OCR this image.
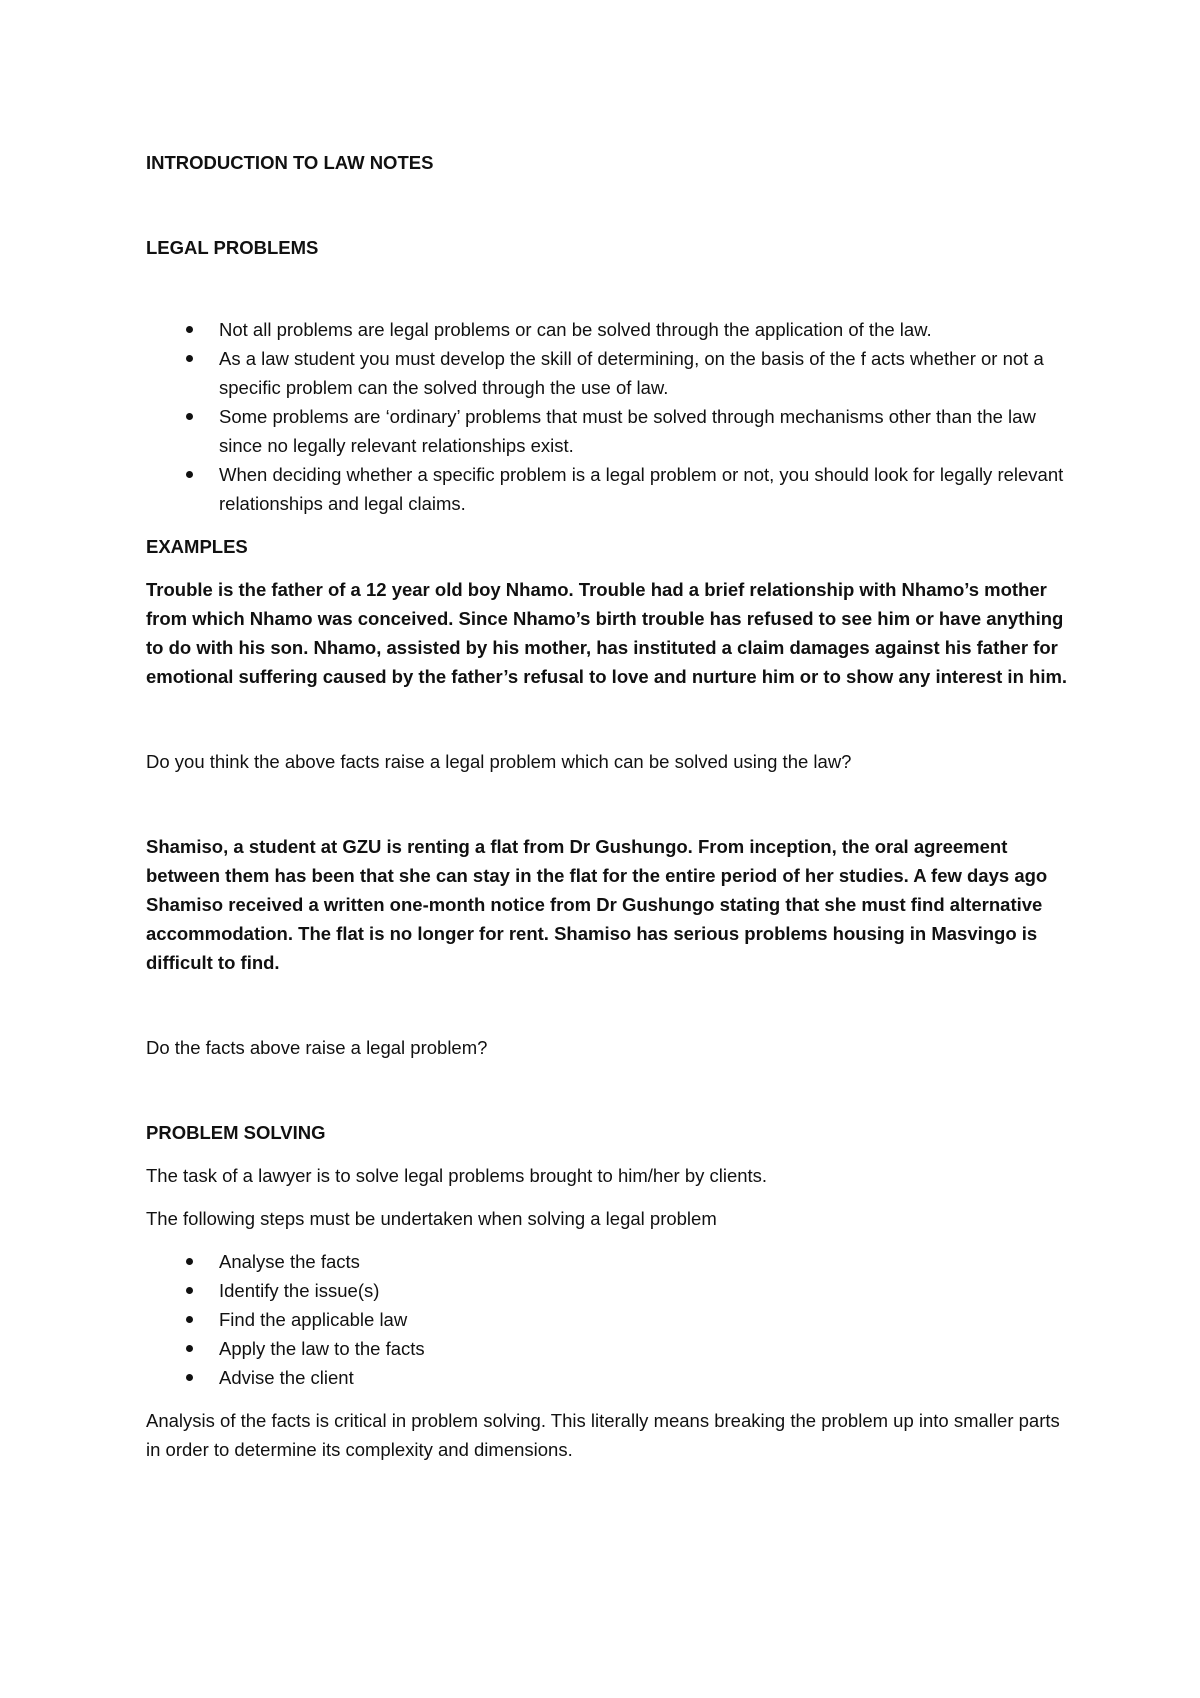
INTRODUCTION TO LAW NOTES

LEGAL PROBLEMS

Not all problems are legal problems or can be solved through the application of the law.
As a law student you must develop the skill of determining, on the basis of the f acts whether or not a specific problem can the solved through the use of law.
Some problems are ‘ordinary’ problems that must be solved through mechanisms other than the law since no legally relevant relationships exist.
When deciding whether a specific problem is a legal problem or not, you should look for legally relevant relationships and legal claims.

EXAMPLES

Trouble is the father of a 12 year old boy Nhamo. Trouble had a brief relationship with Nhamo’s mother from which Nhamo was conceived. Since Nhamo’s birth trouble has refused to see him or have anything to do with his son. Nhamo, assisted by his mother, has instituted a claim damages against his father for emotional suffering caused by the father’s refusal to love and nurture him or to show any interest in him.

Do you think the above facts raise a legal problem which can be solved using the law?

Shamiso, a student at GZU is renting a flat from Dr Gushungo. From inception, the oral agreement between them has been that she can stay in the flat for the entire period of her studies. A few days ago Shamiso received a written one-month notice from Dr Gushungo stating that she must find alternative accommodation. The flat is no longer for rent. Shamiso has serious problems housing in Masvingo is difficult to find.

Do the facts above raise a legal problem?

PROBLEM SOLVING

The task of a lawyer is to solve legal problems brought to him/her by clients.

The following steps must be undertaken when solving a legal problem

Analyse the facts
Identify the issue(s)
Find the applicable law
Apply the law to the facts
Advise the client

Analysis of the facts is critical in problem solving. This literally means breaking the problem up into smaller parts in order to determine its complexity and dimensions.
